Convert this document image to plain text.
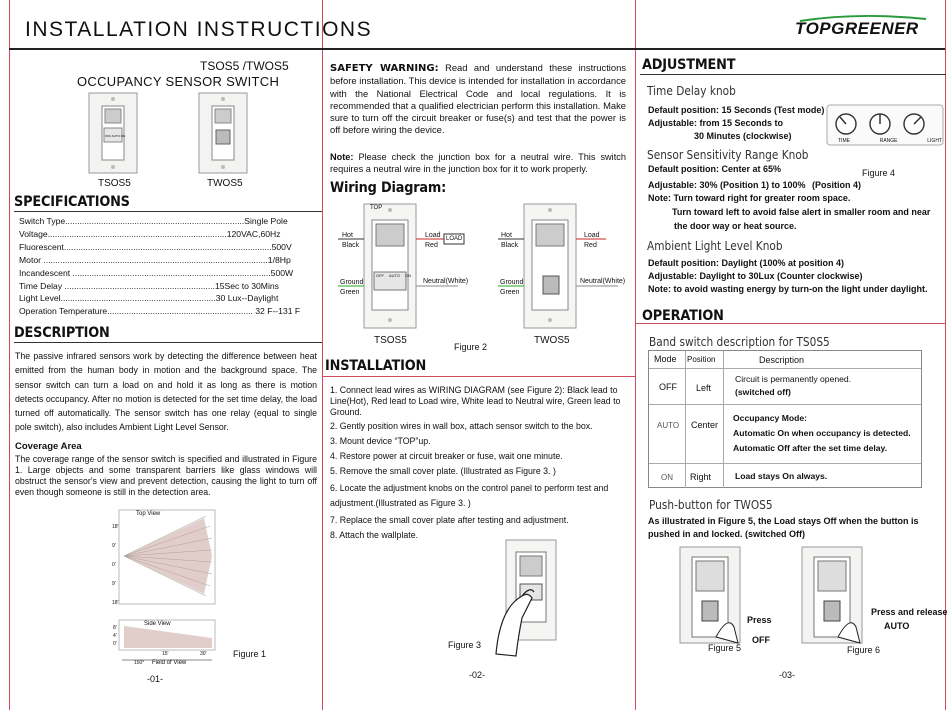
INSTALLATION INSTRUCTIONS	TOPGREENER
TSOS5 /TWOS5
OCCUPANCY SENSOR SWITCH
OFF AUTO ON
TSOS5	TWOS5
SPECIFICATIONS
Switch Type...........................................................................Single Pole
Voltage...........................................................................120VAC,60Hz
Fluorescent.......................................................................................500V
Motor ..............................................................................................1/8Hp
Incandescent ...................................................................................500W
Time Delay ...............................................................15Sec to 30Mins
Light Level.................................................................30 Lux--Daylight
Operation Temperature............................................................. 32 F--131 F
DESCRIPTION
The passive infrared sensors work by detecting the difference between heat emitted from the human body in motion and the background space. The sensor switch can turn a load on and hold it as long as there is motion detects occupancy. After no motion is detected for the set time delay, the load turned off automatically. The sensor switch has one relay (equal to single pole switch), also includes Ambient Light Level Sensor.
Coverage Area
The coverage range of the sensor switch is specified and illustrated in Figure 1. Large objects and some transparent barriers like glass windows will obstruct the sensor's view and prevent detection, causing the light to turn off even though someone is still in the detection area.
Top View
Side View
18'
9'
0'
9'
18'
8'
4'
0'
15'	30'
150° Field of View
Figure 1
-01-
SAFETY WARNING: Read and understand these instructions before installation. This device is intended for installation in accordance with the National Electrical Code and local regulations. It is recommended that a qualified electrician perform this installation. Make sure to turn off the circuit breaker or fuse(s) and test that the power is off before wiring the device.
Note: Please check the junction box for a neutral wire. This switch requires a neutral wire in the junction box for it to work properly.
Wiring Diagram:
TOP
Hot
Black
Load
Red
LOAD
Ground
Green
Neutral(White)
OFF AUTO ON
Hot
Black
Load
Red
Ground
Green
Neutral(White)
TSOS5	TWOS5
Figure 2
INSTALLATION
1. Connect lead wires as WIRING DIAGRAM (see Figure 2): Black lead to Line(Hot), Red lead to Load wire, White lead to Neutral wire, Green lead to Ground.
2. Gently position wires in wall box, attach sensor switch to the box.
3. Mount device “TOP”up.
4. Restore power at circuit breaker or fuse, wait one minute.
5. Remove the small cover plate. (Illustrated as Figure 3. )
6. Locate the adjustment knobs on the control panel to perform test and adjustment.(Illustrated as Figure 3. )
7. Replace the small cover plate after testing and adjustment.
8. Attach the wallplate.
Figure 3
-02-
ADJUSTMENT
Time Delay knob
Default position: 15 Seconds (Test mode)
Adjustable: from 15 Seconds to
30 Minutes (clockwise)	TIME	RANGE	LIGHT
Figure 4
Sensor Sensitivity Range Knob
Default position: Center at 65%
Adjustable: 30% (Position 1) to 100% (Position 4)
Note: Turn toward right for greater room space.
Turn toward left to avoid false alert in smaller room and near
the door way or heat source.
Ambient Light Level Knob
Default position: Daylight (100% at position 4)
Adjustable: Daylight to 30Lux (Counter clockwise)
Note: to avoid wasting energy by turn-on the light under daylight.
OPERATION
Band switch description for TS0S5
Mode Position	Description
OFF Left
Circuit is permanently opened.
(switched off)
AUTO Center
Occupancy Mode:
Automatic On when occupancy is detected.
Automatic Off after the set time delay.
ON Right	Load stays On always.
Push-button for TWOS5
As illustrated in Figure 5, the Load stays Off when the button is
pushed in and locked. (switched Off)
Press
OFF
Figure 5
Press and release
AUTO
Figure 6
-03-
